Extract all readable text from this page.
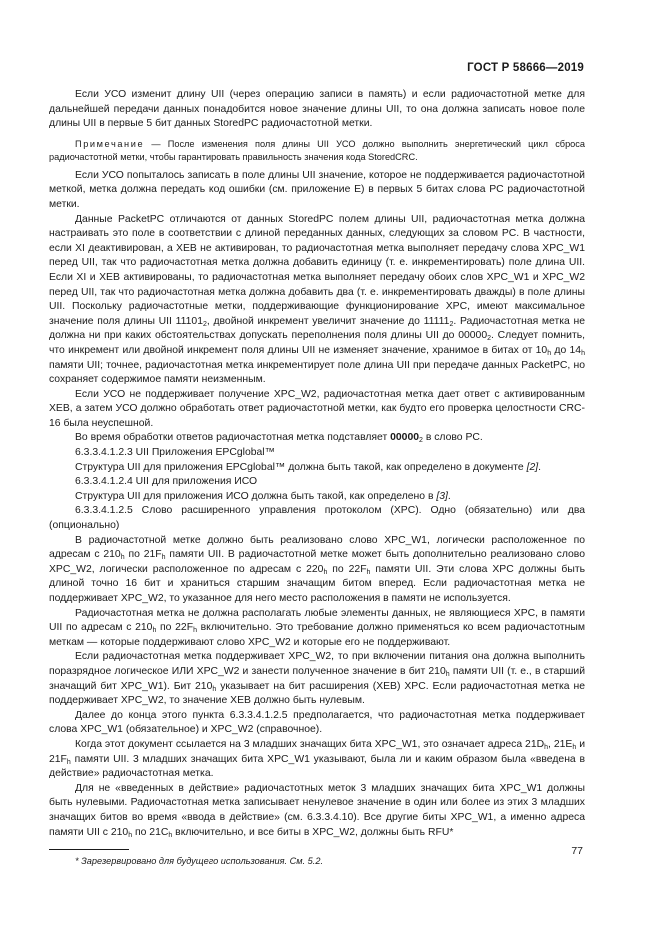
ГОСТ Р 58666—2019

Если УСО изменит длину UII (через операцию записи в память) и если радиочастотной метке для дальнейшей передачи данных понадобится новое значение длины UII, то она должна записать новое поле длины UII в первые 5 бит данных StoredPC радиочастотной метки.

Примечание — После изменения поля длины UII УСО должно выполнить энергетический цикл сброса радиочастотной метки, чтобы гарантировать правильность значения кода StoredCRC.

Если УСО попыталось записать в поле длины UII значение, которое не поддерживается радиочастотной меткой, метка должна передать код ошибки (см. приложение Е) в первых 5 битах слова PC радиочастотной метки.

Данные PacketPC отличаются от данных StoredPC полем длины UII, радиочастотная метка должна настраивать это поле в соответствии с длиной переданных данных, следующих за словом PC. В частности, если XI деактивирован, а XEB не активирован, то радиочастотная метка выполняет передачу слова XPC_W1 перед UII, так что радиочастотная метка должна добавить единицу (т. е. инкрементировать) поле длина UII. Если XI и XEB активированы, то радиочастотная метка выполняет передачу обоих слов XPC_W1 и XPC_W2 перед UII, так что радиочастотная метка должна добавить два (т. е. инкрементировать дважды) в поле длины UII. Поскольку радиочастотные метки, поддерживающие функционирование XPC, имеют максимальное значение поля длины UII $11101_2$, двойной инкремент увеличит значение до $11111_2$. Радиочастотная метка не должна ни при каких обстоятельствах допускать переполнения поля длины UII до $00000_2$. Следует помнить, что инкремент или двойной инкремент поля длины UII не изменяет значение, хранимое в битах от $10_h$ до $14_h$ памяти UII; точнее, радиочастотная метка инкрементирует поле длина UII при передаче данных PacketPC, но сохраняет содержимое памяти неизменным.

Если УСО не поддерживает получение XPC_W2, радиочастотная метка дает ответ с активированным XEB, а затем УСО должно обработать ответ радиочастотной метки, как будто его проверка целостности CRC-16 была неуспешной.

Во время обработки ответов радиочастотная метка подставляет $00000_2$ в слово PC.

6.3.3.4.1.2.3 UII Приложения EPCglobal™

Структура UII для приложения EPCglobal™ должна быть такой, как определено в документе [2].

6.3.3.4.1.2.4 UII для приложения ИСО

Структура UII для приложения ИСО должна быть такой, как определено в [3].

6.3.3.4.1.2.5 Слово расширенного управления протоколом (XPC). Одно (обязательно) или два (опционально)

В радиочастотной метке должно быть реализовано слово XPC_W1, логически расположенное по адресам с $210_h$ по $21F_h$ памяти UII. В радиочастотной метке может быть дополнительно реализовано слово XPC_W2, логически расположенное по адресам с $220_h$ по $22F_h$ памяти UII. Эти слова XPC должны быть длиной точно 16 бит и храниться старшим значащим битом вперед. Если радиочастотная метка не поддерживает XPC_W2, то указанное для него место расположения в памяти не используется.

Радиочастотная метка не должна располагать любые элементы данных, не являющиеся XPC, в памяти UII по адресам с $210_h$ по $22F_h$ включительно. Это требование должно применяться ко всем радиочастотным меткам — которые поддерживают слово XPC_W2 и которые его не поддерживают.

Если радиочастотная метка поддерживает XPC_W2, то при включении питания она должна выполнить поразрядное логическое ИЛИ XPC_W2 и занести полученное значение в бит $210_h$ памяти UII (т. е., в старший значащий бит XPC_W1). Бит $210_h$ указывает на бит расширения (XEB) XPC. Если радиочастотная метка не поддерживает XPC_W2, то значение XEB должно быть нулевым.

Далее до конца этого пункта 6.3.3.4.1.2.5 предполагается, что радиочастотная метка поддерживает слова XPC_W1 (обязательное) и XPC_W2 (справочное).

Когда этот документ ссылается на 3 младших значащих бита XPC_W1, это означает адреса $21D_h$, $21E_h$ и $21F_h$ памяти UII. 3 младших значащих бита XPC_W1 указывают, была ли и каким образом была «введена в действие» радиочастотная метка.

Для не «введенных в действие» радиочастотных меток 3 младших значащих бита XPC_W1 должны быть нулевыми. Радиочастотная метка записывает ненулевое значение в один или более из этих 3 младших значащих битов во время «ввода в действие» (см. 6.3.3.4.10). Все другие биты XPC_W1, а именно адреса памяти UII с $210_h$ по $21C_h$ включительно, и все биты в XPC_W2, должны быть RFU*

* Зарезервировано для будущего использования. См. 5.2.

77
